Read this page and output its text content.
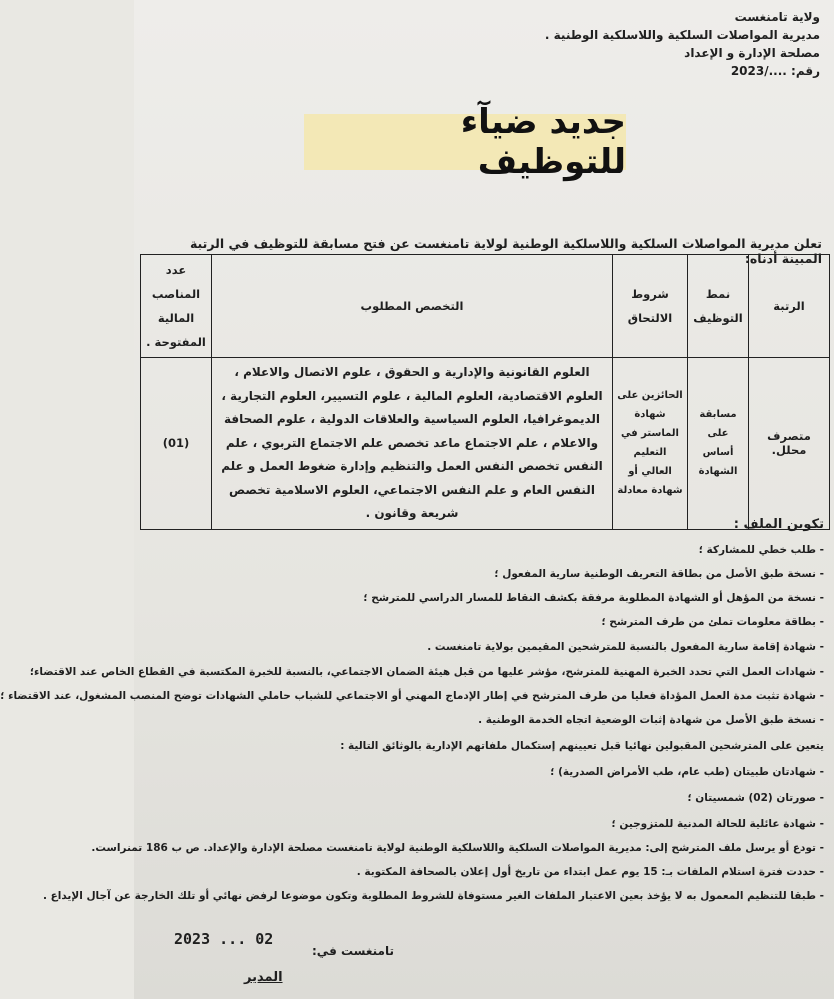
ولاية تامنغست
مديرية المواصلات السلكية واللاسلكية الوطنية .
مصلحة الإدارة و الإعداد
رقم: ..../2023
جديد ضيآء للتوظيف
تعلن مديرية المواصلات السلكية واللاسلكية الوطنية لولاية تامنغست عن فتح مسابقة للتوظيف في الرتبة المبينة أدناه:
الرتبة	نمط التوظيف	شروط الالتحاق	التخصص المطلوب	عدد المناصب المالية المفتوحة .
متصرف محلل.	مسابقة على أساس الشهادة	الحائزين على شهادة الماستر في التعليم العالي أو شهادة معادلة	العلوم القانونية والإدارية و الحقوق ، علوم الاتصال والاعلام ، العلوم الاقتصادية، العلوم المالية ، علوم التسيير، العلوم التجارية ، الديموغرافيا، العلوم السياسية والعلاقات الدولية ، علوم الصحافة والاعلام ، علم الاجتماع ماعد تخصص علم الاجتماع التربوي ، علم النفس تخصص النفس العمل والتنظيم وإدارة ضغوط العمل و علم النفس العام و علم النفس الاجتماعي، العلوم الاسلامية تخصص شريعة وقانون .	(01)
تكوين الملف :
- طلب خطي للمشاركة ؛
- نسخة طبق الأصل من بطاقة التعريف الوطنية سارية المفعول ؛
- نسخة من المؤهل أو الشهادة المطلوبة مرفقة بكشف النقاط للمسار الدراسي للمترشح ؛
- بطاقة معلومات تملئ من طرف المترشح ؛
- شهادة إقامة سارية المفعول بالنسبة للمترشحين المقيمين بولاية تامنغست .
- شهادات العمل التي تحدد الخبرة المهنية للمترشح، مؤشر عليها من قبل هيئة الضمان الاجتماعي، بالنسبة للخبرة المكتسبة في القطاع الخاص عند الاقتضاء؛
- شهادة تثبت مدة العمل المؤداة فعليا من طرف المترشح في إطار الإدماج المهني أو الاجتماعي للشباب حاملي الشهادات توضح المنصب المشغول، عند الاقتضاء ؛
- نسخة طبق الأصل من شهادة إثبات الوضعية اتجاه الخدمة الوطنية .
يتعين على المترشحين المقبولين نهائيا قبل تعيينهم إستكمال ملفاتهم الإدارية بالوثائق التالية :
- شهادتان طبيتان (طب عام، طب الأمراض الصدرية) ؛
- صورتان (02) شمسيتان ؛
- شهادة عائلية للحالة المدنية للمتزوجين ؛
- تودع أو يرسل ملف المترشح إلى: مديرية المواصلات السلكية واللاسلكية الوطنية لولاية تامنغست مصلحة الإدارة والإعداد. ص ب 186 تمنراست.
- حددت فترة استلام الملفات بـ: 15 يوم عمل ابتداء من تاريخ أول إعلان بالصحافة المكتوبة .
- طبقا للتنظيم المعمول به لا يؤخذ بعين الاعتبار الملفات الغير مستوفاة للشروط المطلوبة وتكون موضوعا لرفض نهائي أو تلك الخارجة عن آجال الإيداع .
2023 ... 02
تامنغست في:
المدير
